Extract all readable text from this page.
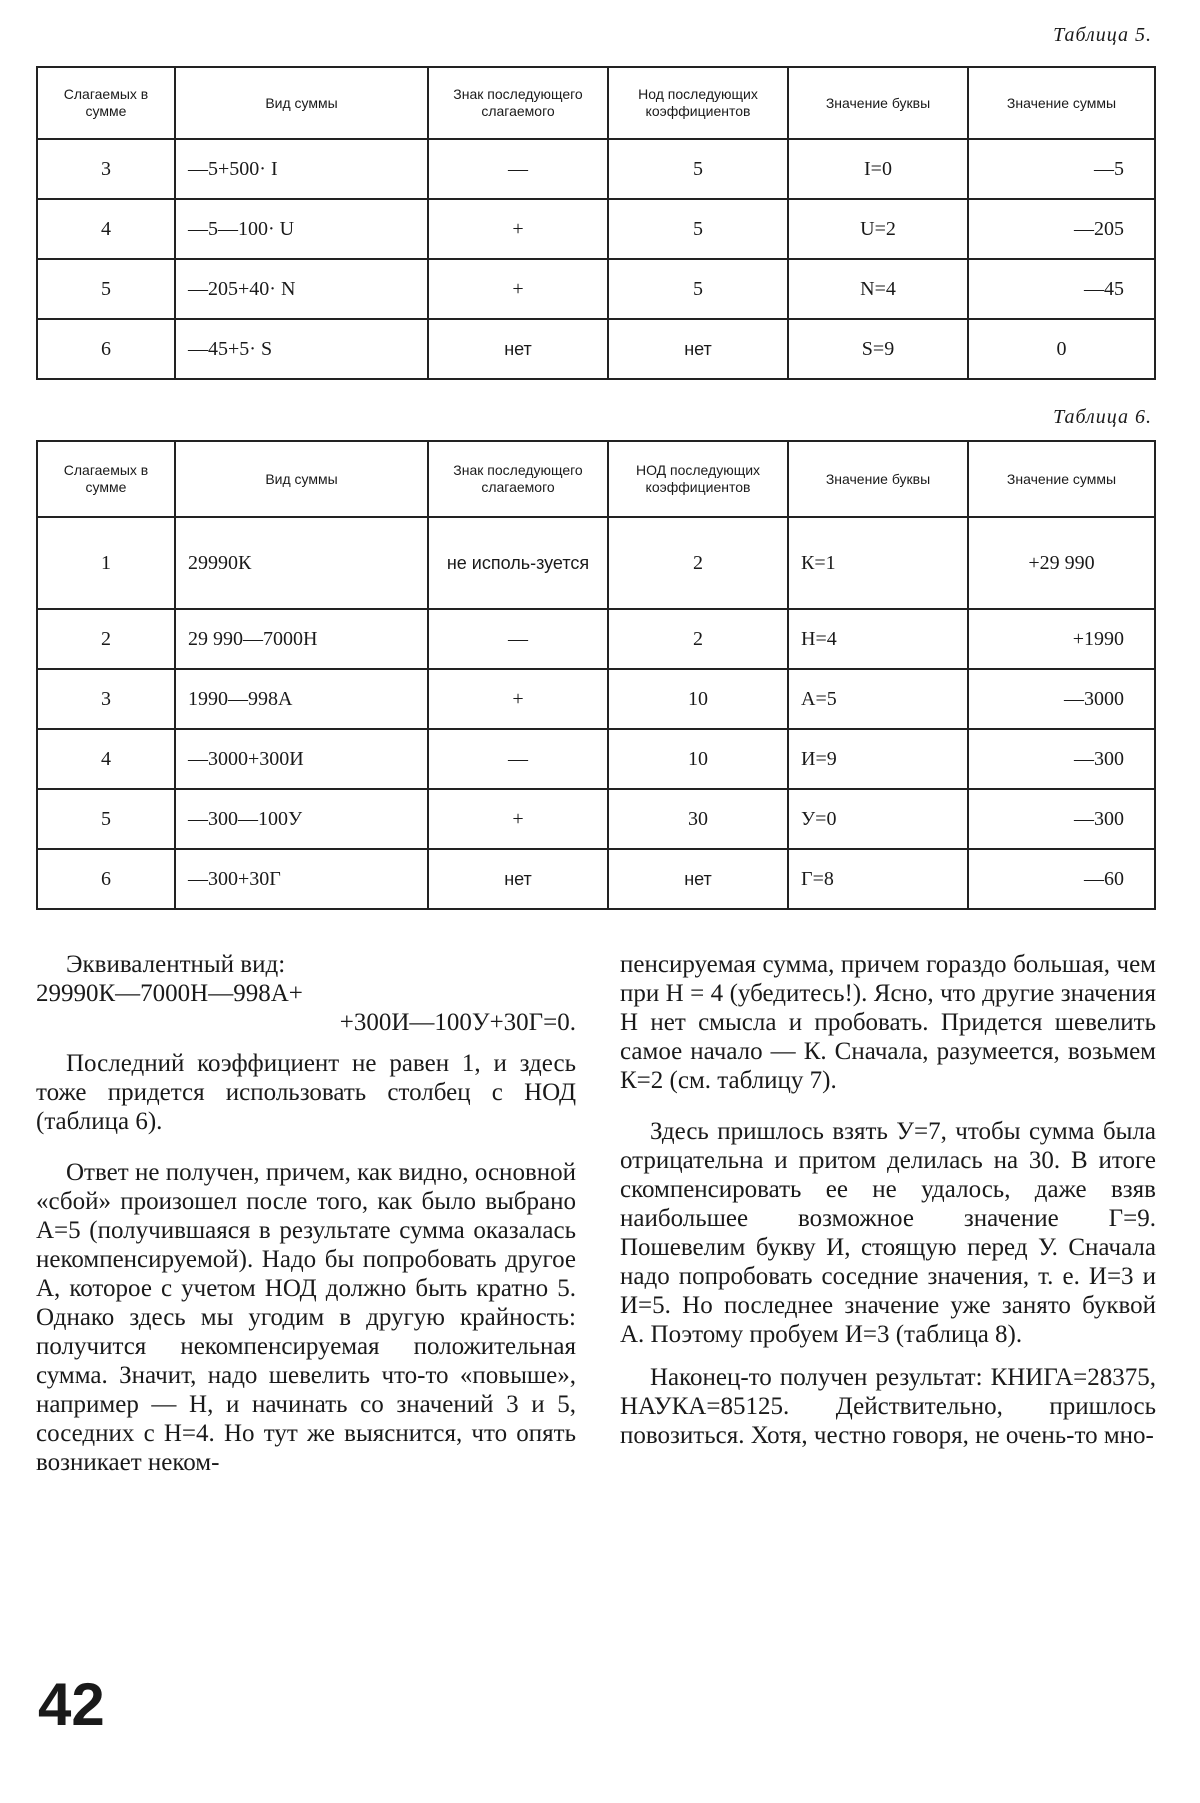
Таблица 5.
Слагаемых в сумме	Вид суммы	Знак последующего слагаемого	Нод последующих коэффициентов	Значение буквы	Значение суммы
3	—5+500· I	—	5	I=0	—5
4	—5—100· U	+	5	U=2	—205
5	—205+40· N	+	5	N=4	—45
6	—45+5· S	нет	нет	S=9	0
Таблица 6.
Слагаемых в сумме	Вид суммы	Знак последующего слагаемого	НОД последующих коэффициентов	Значение буквы	Значение суммы
1	29990К	не исполь-зуется	2	К=1	+29 990
2	29 990—7000Н	—	2	Н=4	+1990
3	1990—998А	+	10	А=5	—3000
4	—3000+300И	—	10	И=9	—300
5	—300—100У	+	30	У=0	—300
6	—300+30Г	нет	нет	Г=8	—60
Эквивалентный вид:
29990К—7000Н—998А+
+300И—100У+30Г=0.

Последний коэффициент не равен 1, и здесь тоже придется использовать столбец с НОД (таблица 6).

Ответ не получен, причем, как видно, основной «сбой» произошел после того, как было выбрано А=5 (получившаяся в результате сумма оказалась некомпенсируемой). Надо бы попробовать другое А, которое с учетом НОД должно быть кратно 5. Однако здесь мы угодим в другую крайность: получится некомпенсируемая положительная сумма. Значит, надо шевелить что-то «повыше», например — Н, и начинать со значений 3 и 5, соседних с Н=4. Но тут же выяснится, что опять возникает неком-

пенсируемая сумма, причем гораздо большая, чем при Н = 4 (убедитесь!). Ясно, что другие значения Н нет смысла и пробовать. Придется шевелить самое начало — К. Сначала, разумеется, возьмем К=2 (см. таблицу 7).

Здесь пришлось взять У=7, чтобы сумма была отрицательна и притом делилась на 30. В итоге скомпенсировать ее не удалось, даже взяв наибольшее возможное значение Г=9. Пошевелим букву И, стоящую перед У. Сначала надо попробовать соседние значения, т. е. И=3 и И=5. Но последнее значение уже занято буквой А. Поэтому пробуем И=3 (таблица 8).

Наконец-то получен результат: КНИГА=28375, НАУКА=85125. Действительно, пришлось повозиться. Хотя, честно говоря, не очень-то мно-

42
